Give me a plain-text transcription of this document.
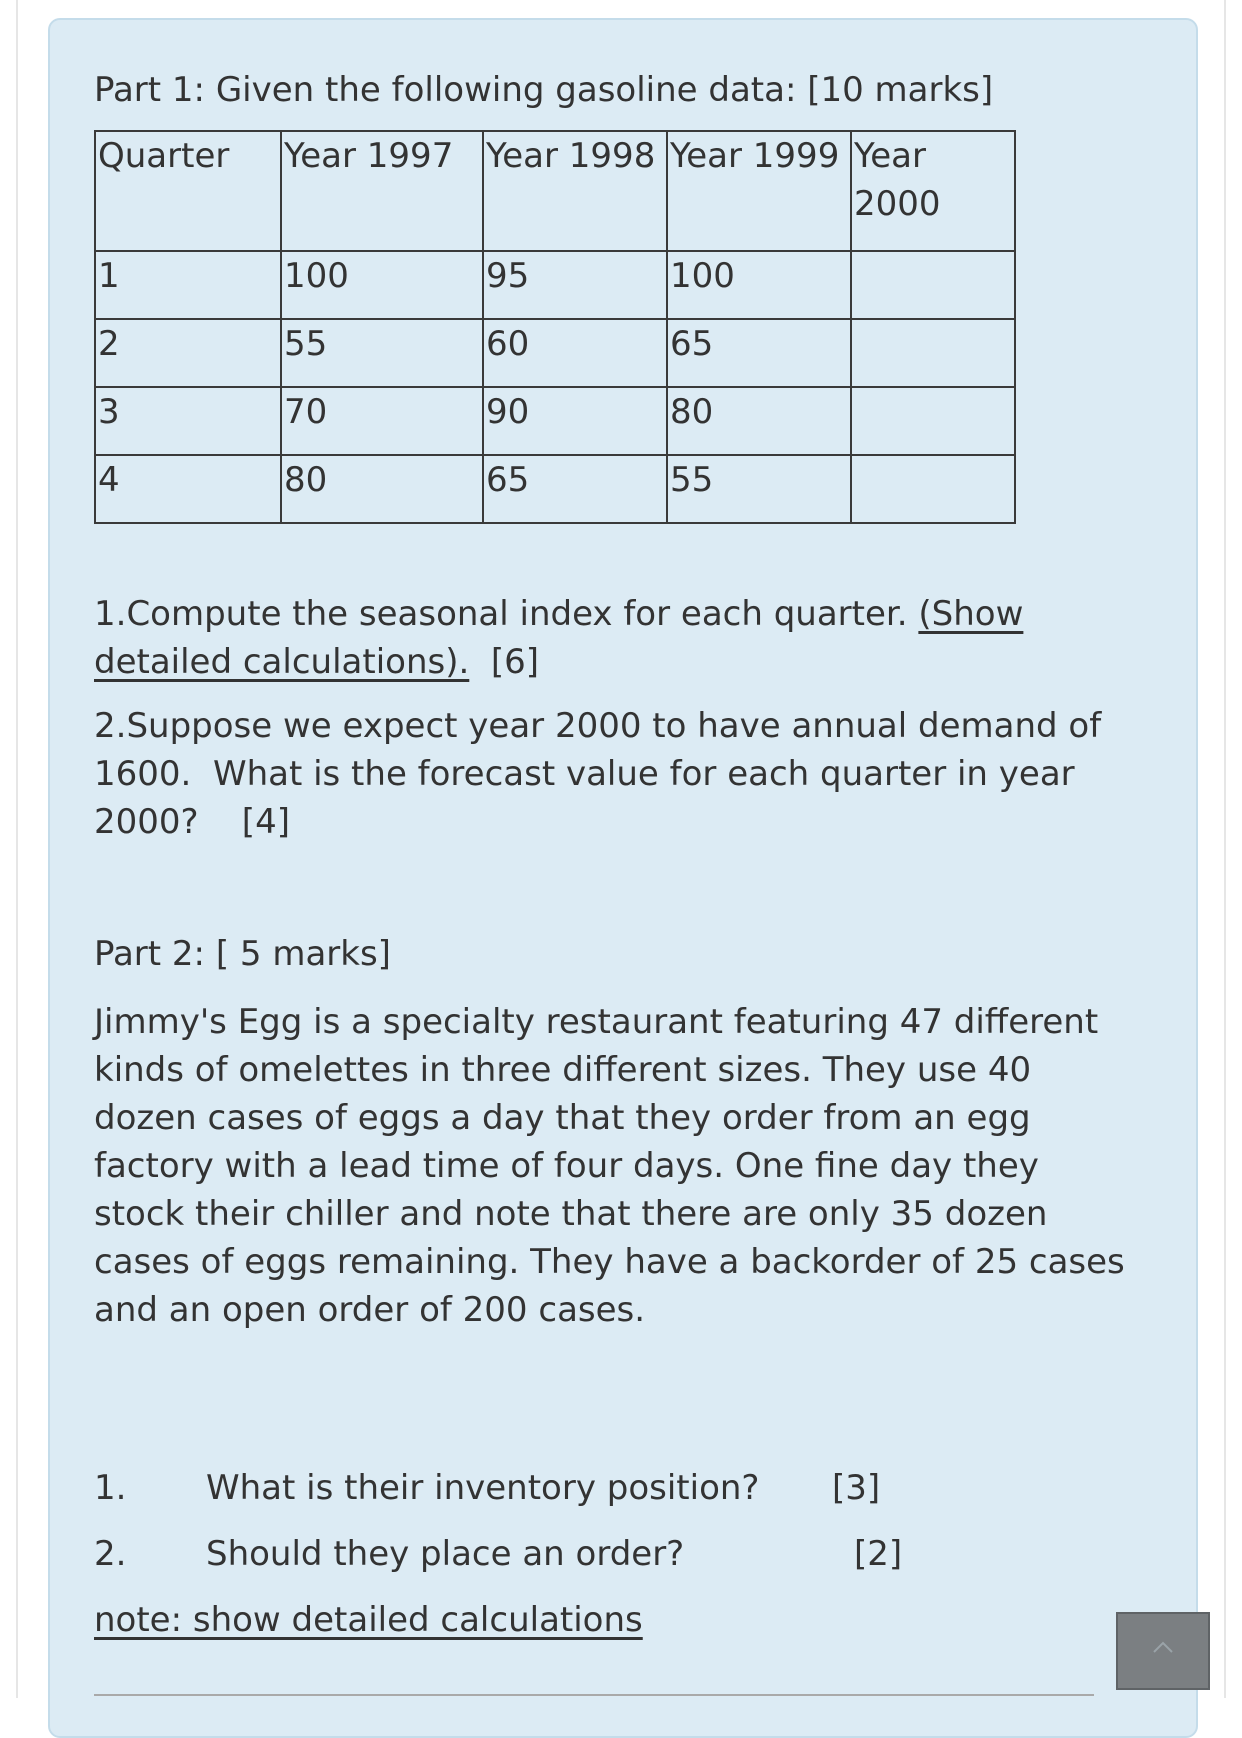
Part 1: Given the following gasoline data: [10 marks]
Quarter	Year 1997	Year 1998	Year 1999	Year 2000
1	100	95	100	
2	55	60	65	
3	70	90	80	
4	80	65	55	
1.Compute the seasonal index for each quarter. (Show detailed calculations).  [6]
2.Suppose we expect year 2000 to have annual demand of 1600.  What is the forecast value for each quarter in year 2000?    [4]
Part 2: [ 5 marks]
Jimmy's Egg is a specialty restaurant featuring 47 different kinds of omelettes in three different sizes. They use 40 dozen cases of eggs a day that they order from an egg factory with a lead time of four days. One fine day they stock their chiller and note that there are only 35 dozen cases of eggs remaining. They have a backorder of 25 cases and an open order of 200 cases.
1. What is their inventory position? [3]
2. Should they place an order?	[2]
note: show detailed calculations
